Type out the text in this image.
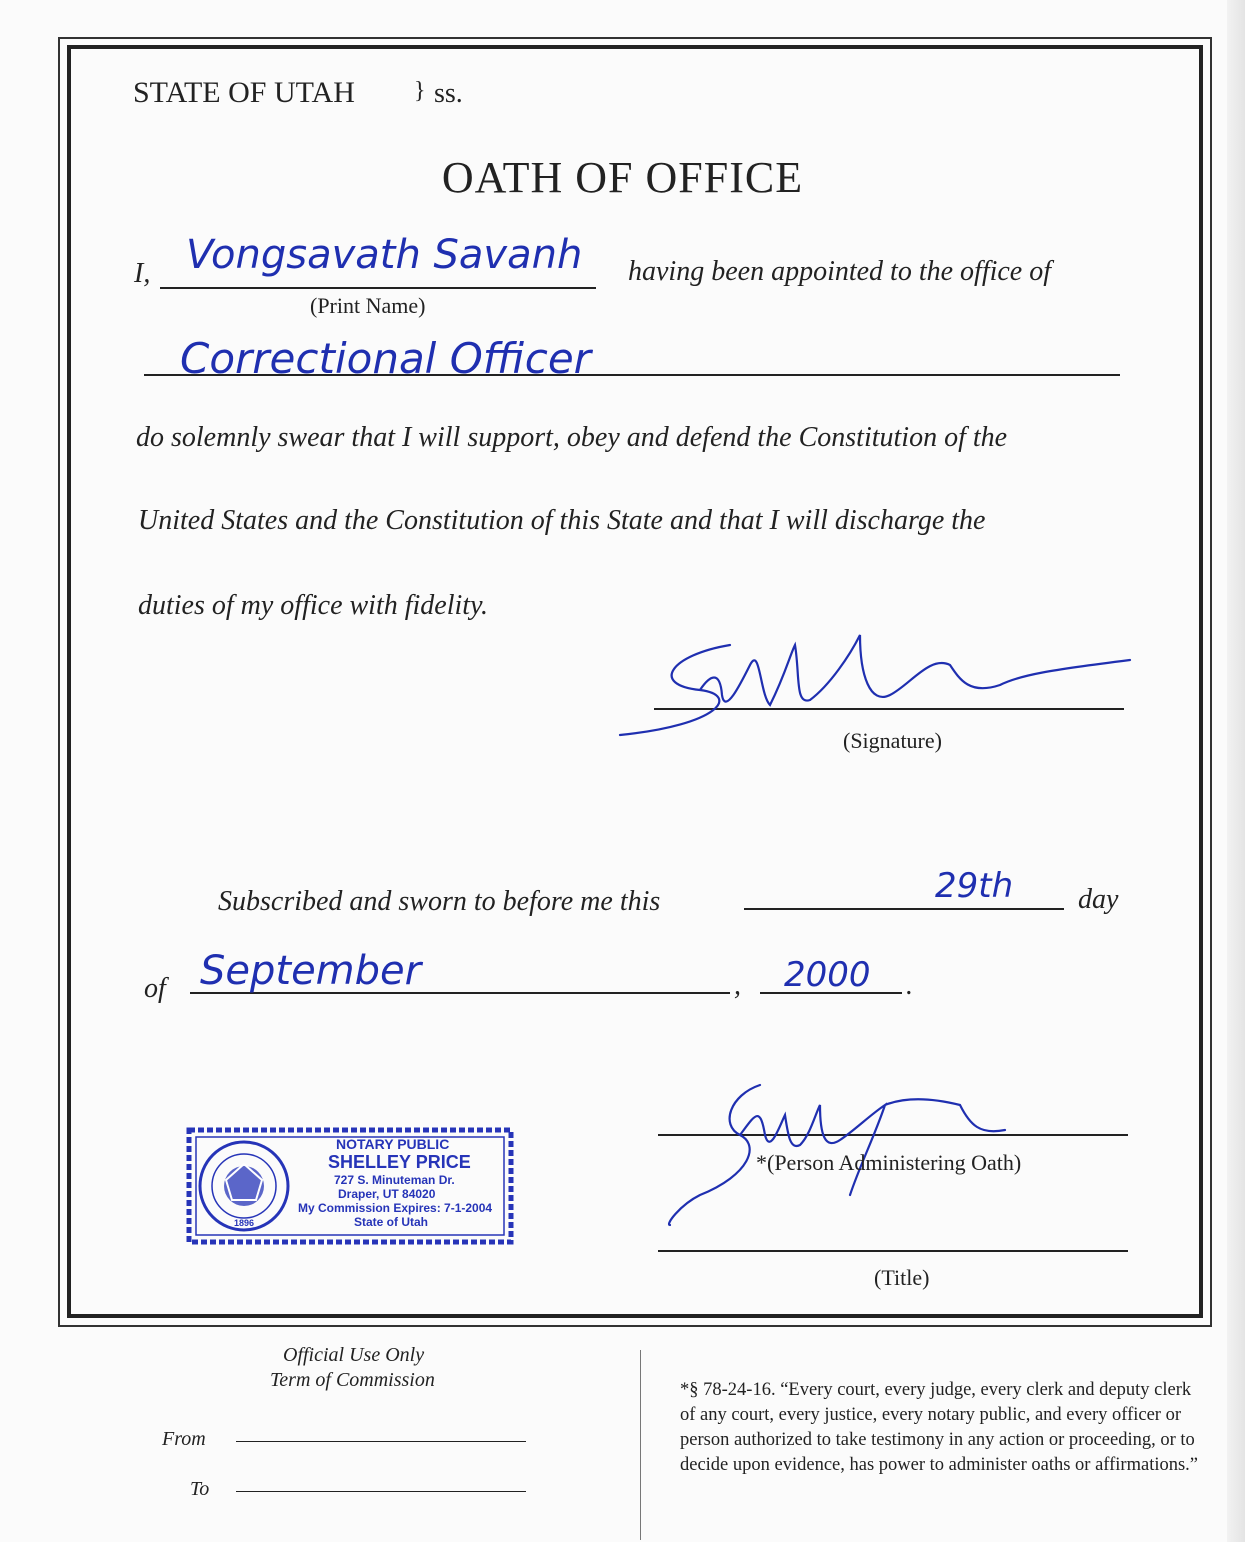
STATE OF UTAH } ss.
OATH OF OFFICE
I, Vongsavath Savanh
(Print Name)
having been appointed to the office of
Correctional Officer
do solemnly swear that I will support, obey and defend the Constitution of the
United States and the Constitution of this State and that I will discharge the
duties of my office with fidelity.
(Signature)
Subscribed and sworn to before me this	29th day
of September	, 2000 .
1896
NOTARY PUBLIC
SHELLEY PRICE
727 S. Minuteman Dr.
Draper, UT 84020
My Commission Expires: 7-1-2004
State of Utah
*(Person Administering Oath)
(Title)
Official Use Only
Term of Commission
From
To
*§ 78-24-16. “Every court, every judge, every clerk and deputy clerk of any court, every justice, every notary public, and every officer or person authorized to take testimony in any action or proceeding, or to decide upon evidence, has power to administer oaths or affirmations.”
